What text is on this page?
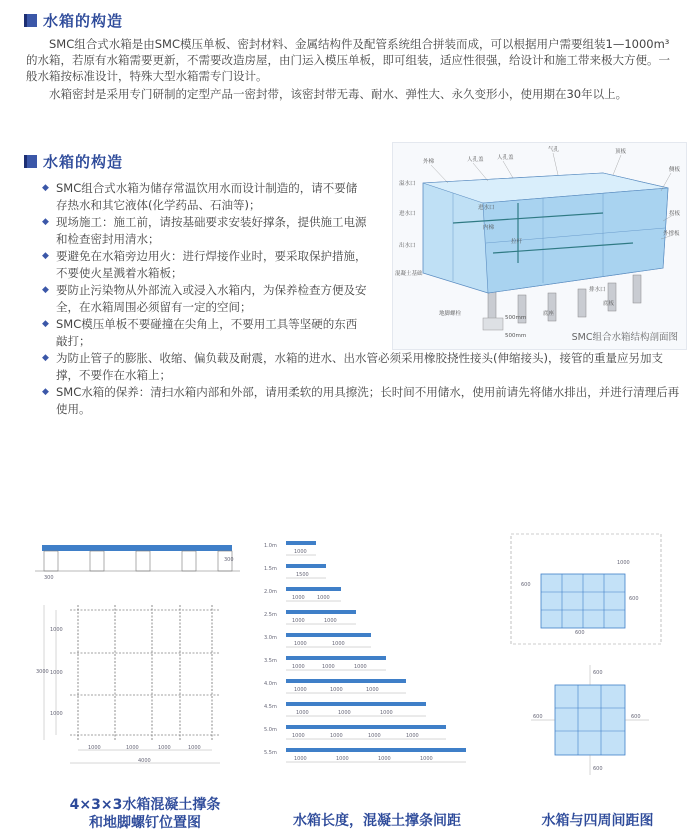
水箱的构造

SMC组合式水箱是由SMC模压单板、密封材料、金属结构件及配管系统组合拼装而成，可以根据用户需要组装1—1000m³的水箱，若原有水箱需要更新，不需要改造房屋，由门运入模压单板，即可组装，适应性很强，给设计和施工带来极大方便。一般水箱按标准设计，特殊大型水箱需专门设计。

水箱密封是采用专门研制的定型产品一密封带，该密封带无毒、耐水、弹性大、永久变形小，使用期在30年以上。

水箱的构造
◆ SMC组合式水箱为储存常温饮用水而设计制造的，请不要储存热水和其它液体(化学药品、石油等)；
◆ 现场施工：施工前，请按基础要求安装好撑条，提供施工电源和检查密封用清水；
◆ 要避免在水箱旁边用火：进行焊接作业时，要采取保护措施，不要使火星溅着水箱板；
◆ 要防止污染物从外部流入或浸入水箱内，为保养检查方便及安全，在水箱周围必须留有一定的空间；
◆ SMC模压单板不要碰撞在尖角上，不要用工具等坚硬的东西敲打；
◆ 为防止管子的膨胀、收缩、偏负载及耐震，水箱的进水、出水管必须采用橡胶挠性接头(伸缩接头)，接管的重量应另加支撑，不要作在水箱上；
◆ SMC水箱的保养：清扫水箱内部和外部，请用柔软的用具擦洗；长时间不用储水，使用前请先将储水排出，并进行清理后再使用。
外梯	人孔盖 人孔盖
气孔	顶板
侧板
拐板
外撑板
进水口
内梯
拉杆
溢水口
进水口
出水口
排水口
底板
底座
混凝土基础
地脚螺栓
500mm
500mm	SMC组合水箱结构剖面图
300
300
1000	1000	1000	1000
4000
1000
1000
1000
3000
1.0m
1000
1.5m
1500
2.0m
1000 1000
2.5m
1000	1000
3.0m
1000	1000
3.5m
1000	1000	1000
4.0m
1000	1000	1000
4.5m
1000	1000	1000
5.0m
1000	1000	1000	1000
5.5m
1000	1000	1000	1000
1000
600
600
600
600
600	600
600
4×3×3水箱混凝土撑条
和地脚螺钉位置图	水箱长度，混凝土撑条间距	水箱与四周间距图
